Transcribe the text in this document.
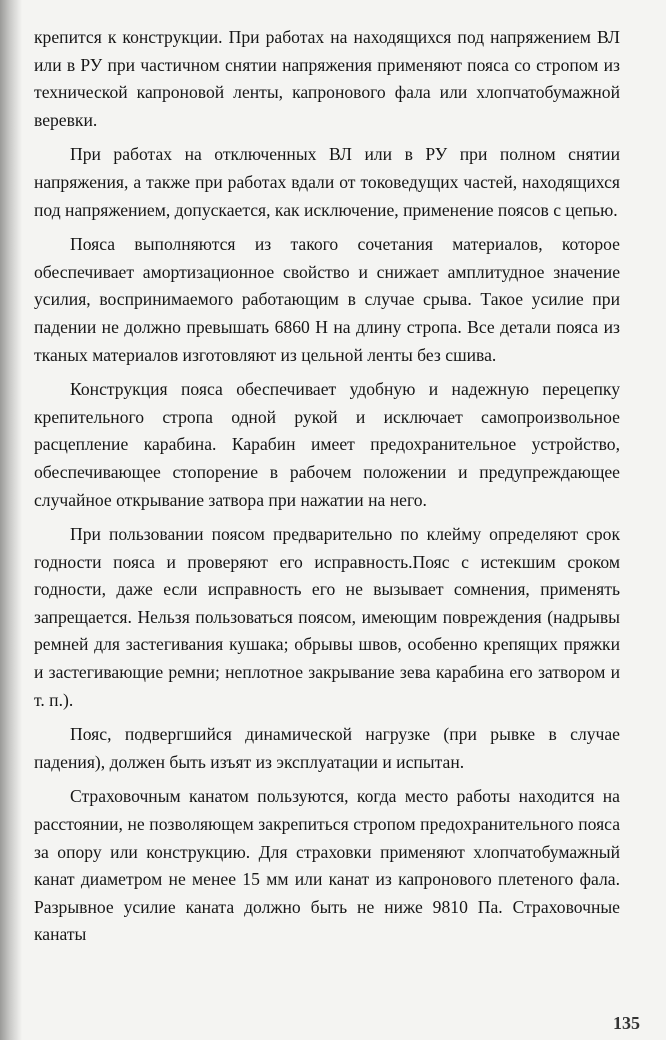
крепится к конструкции. При работах на находящихся под напряжением ВЛ или в РУ при частичном снятии напряжения применяют пояса со стропом из технической капроновой ленты, капронового фала или хлопчатобумажной веревки.

При работах на отключенных ВЛ или в РУ при полном снятии напряжения, а также при работах вдали от токоведущих частей, находящихся под напряжением, допускается, как исключение, применение поясов с цепью.

Пояса выполняются из такого сочетания материалов, которое обеспечивает амортизационное свойство и снижает амплитудное значение усилия, воспринимаемого работающим в случае срыва. Такое усилие при падении не должно превышать 6860 Н на длину стропа. Все детали пояса из тканых материалов изготовляют из цельной ленты без сшива.

Конструкция пояса обеспечивает удобную и надежную перецепку крепительного стропа одной рукой и исключает самопроизвольное расцепление карабина. Карабин имеет предохранительное устройство, обеспечивающее стопорение в рабочем положении и предупреждающее случайное открывание затвора при нажатии на него.

При пользовании поясом предварительно по клейму определяют срок годности пояса и проверяют его исправность.Пояс с истекшим сроком годности, даже если исправность его не вызывает сомнения, применять запрещается. Нельзя пользоваться поясом, имеющим повреждения (надрывы ремней для застегивания кушака; обрывы швов, особенно крепящих пряжки и застегивающие ремни; неплотное закрывание зева карабина его затвором и т. п.).

Пояс, подвергшийся динамической нагрузке (при рывке в случае падения), должен быть изъят из эксплуатации и испытан.

Страховочным канатом пользуются, когда место работы находится на расстоянии, не позволяющем закрепиться стропом предохранительного пояса за опору или конструкцию. Для страховки применяют хлопчатобумажный канат диаметром не менее 15 мм или канат из капронового плетеного фала. Разрывное усилие каната должно быть не ниже 9810 Па. Страховочные канаты

135
